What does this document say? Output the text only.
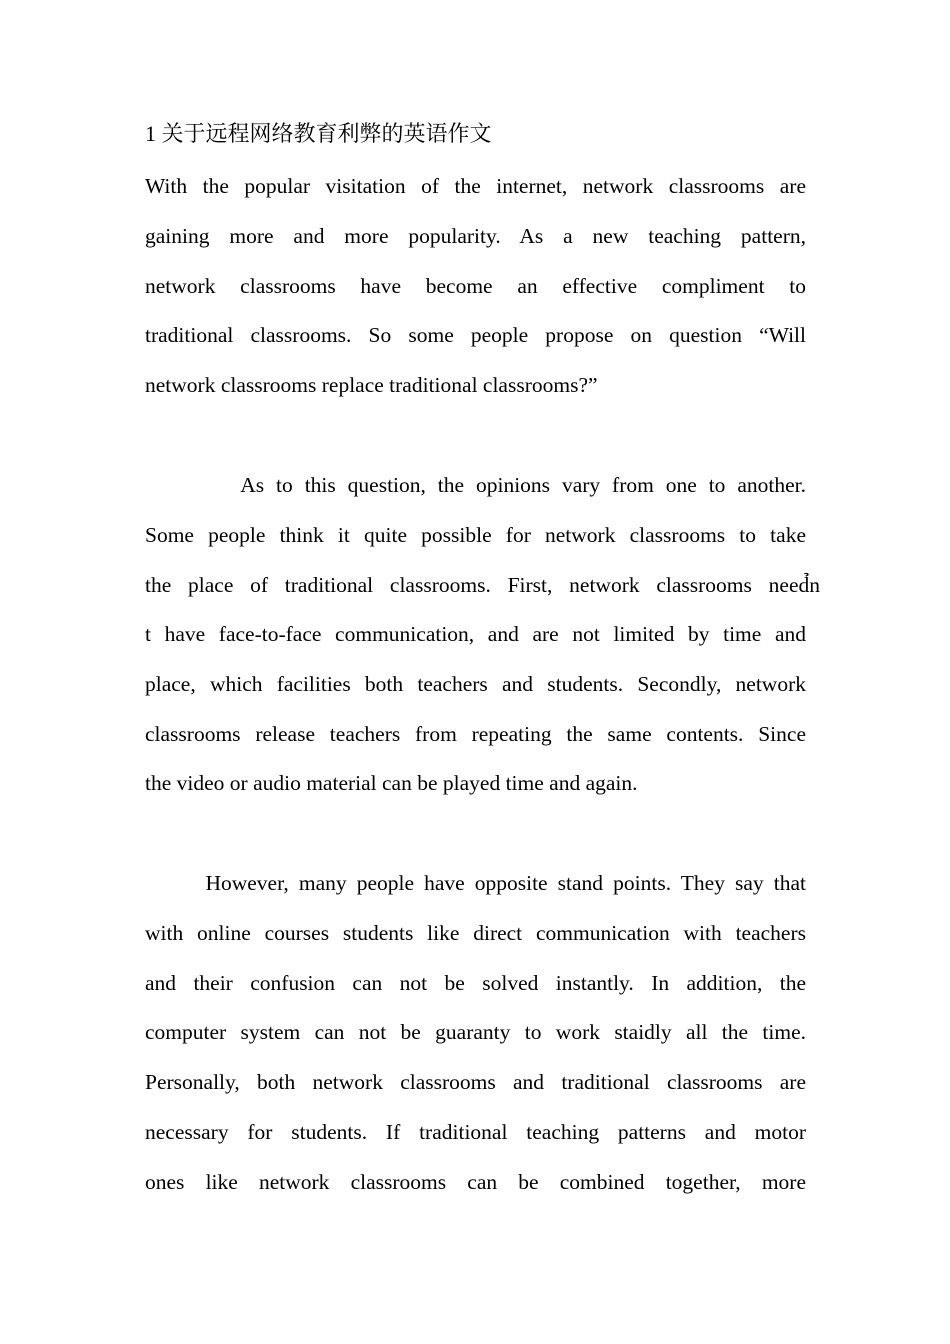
1 关于远程网络教育利弊的英语作文
With the popular visitation of the internet, network classrooms are
gaining more and more popularity. As a new teaching pattern,
network classrooms have become an effective compliment to
traditional classrooms. So some people propose on question “Will
network classrooms replace traditional classrooms?”
As to this question, the opinions vary from one to another.
Some people think it quite possible for network classrooms to take
the place of traditional classrooms. First, network classrooms need̉n
t have face-to-face communication, and are not limited by time and
place, which facilities both teachers and students. Secondly, network
classrooms release teachers from repeating the same contents. Since
the video or audio material can be played time and again.
However, many people have opposite stand points. They say that
with online courses students like direct communication with teachers
and their confusion can not be solved instantly. In addition, the
computer system can not be guaranty to work staidly all the time.
Personally, both network classrooms and traditional classrooms are
necessary for students. If traditional teaching patterns and motor
ones like network classrooms can be combined together, more
